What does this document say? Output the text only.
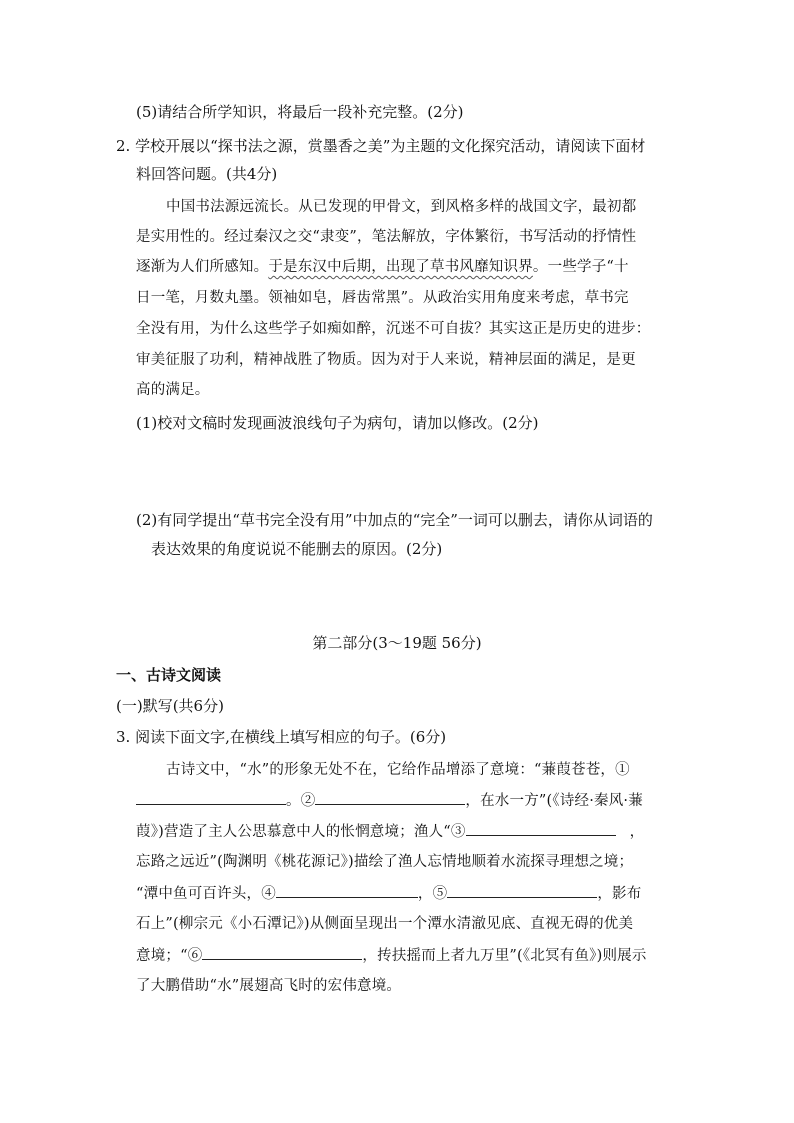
(5)请结合所学知识，将最后一段补充完整。(2分)
2. 学校开展以“探书法之源，赏墨香之美”为主题的文化探究活动，请阅读下面材
料回答问题。(共4分)
中国书法源远流长。从已发现的甲骨文，到风格多样的战国文字，最初都
是实用性的。经过秦汉之交“隶变”，笔法解放，字体繁衍，书写活动的抒情性
逐渐为人们所感知。于是东汉中后期，出现了草书风靡知识界。一些学子“十
日一笔，月数丸墨。领袖如皂，唇齿常黑”。从政治实用角度来考虑，草书完
全没有用，为什么这些学子如痴如醉，沉迷不可自拔？其实这正是历史的进步：
审美征服了功利，精神战胜了物质。因为对于人来说，精神层面的满足，是更
高的满足。
(1)校对文稿时发现画波浪线句子为病句，请加以修改。(2分)
(2)有同学提出“草书完全没有用”中加点的“完全”一词可以删去，请你从词语的
表达效果的角度说说不能删去的原因。(2分)
第二部分(3～19题 56分)
一、古诗文阅读
(一)默写(共6分)
3. 阅读下面文字,在横线上填写相应的句子。(6分)
古诗文中，“水”的形象无处不在，它给作品增添了意境：“蒹葭苍苍，①
。②	，在水一方”(《诗经·秦风·蒹
葭》)营造了主人公思慕意中人的怅惘意境；渔人“③	，
忘路之远近”(陶渊明《桃花源记》)描绘了渔人忘情地顺着水流探寻理想之境；
“潭中鱼可百许头，④	，⑤	，影布
石上”(柳宗元《小石潭记》)从侧面呈现出一个潭水清澈见底、直视无碍的优美
意境；“⑥	，抟扶摇而上者九万里”(《北冥有鱼》)则展示
了大鹏借助“水”展翅高飞时的宏伟意境。
